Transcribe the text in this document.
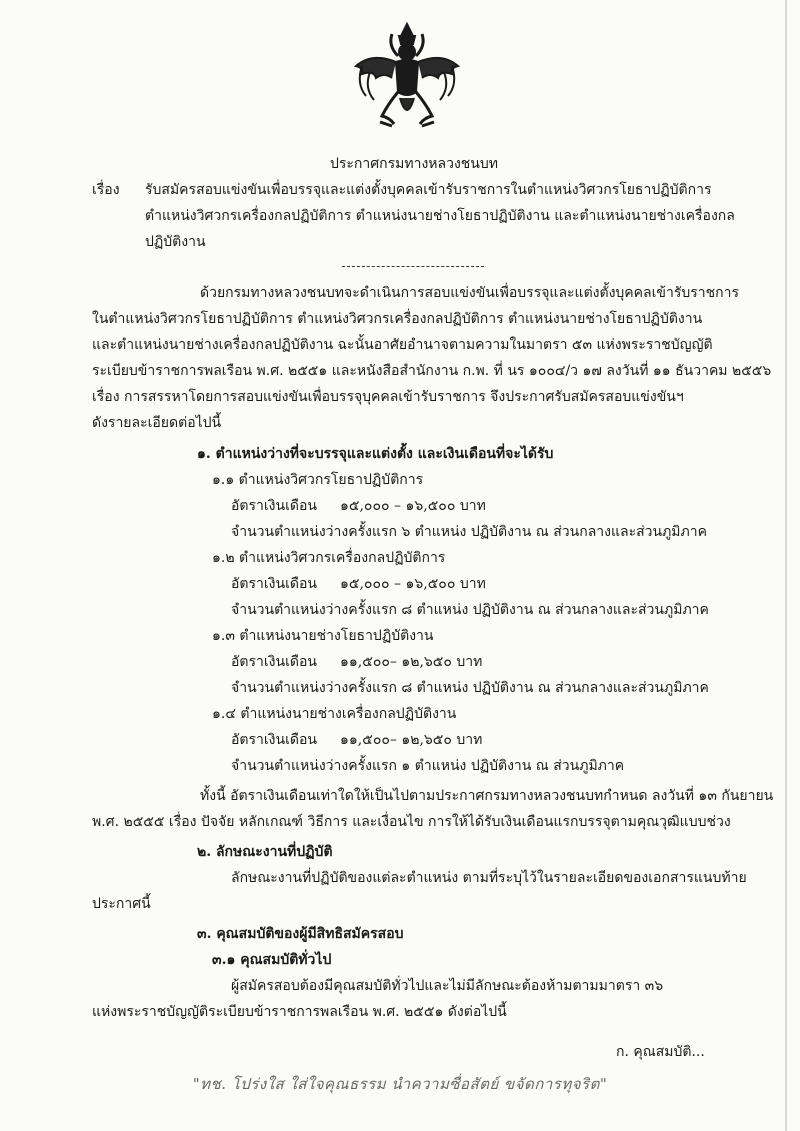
ประกาศกรมทางหลวงชนบท
เรื่อง รับสมัครสอบแข่งขันเพื่อบรรจุและแต่งตั้งบุคคลเข้ารับราชการในตำแหน่งวิศวกรโยธาปฏิบัติการ
ตำแหน่งวิศวกรเครื่องกลปฏิบัติการ ตำแหน่งนายช่างโยธาปฏิบัติงาน และตำแหน่งนายช่างเครื่องกล
ปฏิบัติงาน
ด้วยกรมทางหลวงชนบทจะดำเนินการสอบแข่งขันเพื่อบรรจุและแต่งตั้งบุคคลเข้ารับราชการ
ในตำแหน่งวิศวกรโยธาปฏิบัติการ ตำแหน่งวิศวกรเครื่องกลปฏิบัติการ ตำแหน่งนายช่างโยธาปฏิบัติงาน
และตำแหน่งนายช่างเครื่องกลปฏิบัติงาน ฉะนั้นอาศัยอำนาจตามความในมาตรา ๕๓ แห่งพระราชบัญญัติ
ระเบียบข้าราชการพลเรือน พ.ศ. ๒๕๕๑ และหนังสือสำนักงาน ก.พ. ที่ นร ๑๐๐๔/ว ๑๗ ลงวันที่ ๑๑ ธันวาคม ๒๕๕๖
เรื่อง การสรรหาโดยการสอบแข่งขันเพื่อบรรจุบุคคลเข้ารับราชการ จึงประกาศรับสมัครสอบแข่งขันฯ
ดังรายละเอียดต่อไปนี้
๑. ตำแหน่งว่างที่จะบรรจุและแต่งตั้ง และเงินเดือนที่จะได้รับ
๑.๑ ตำแหน่งวิศวกรโยธาปฏิบัติการ
อัตราเงินเดือน ๑๕,๐๐๐ – ๑๖,๕๐๐ บาท
จำนวนตำแหน่งว่างครั้งแรก ๖ ตำแหน่ง ปฏิบัติงาน ณ ส่วนกลางและส่วนภูมิภาค
๑.๒ ตำแหน่งวิศวกรเครื่องกลปฏิบัติการ
อัตราเงินเดือน ๑๕,๐๐๐ – ๑๖,๕๐๐ บาท
จำนวนตำแหน่งว่างครั้งแรก ๘ ตำแหน่ง ปฏิบัติงาน ณ ส่วนกลางและส่วนภูมิภาค
๑.๓ ตำแหน่งนายช่างโยธาปฏิบัติงาน
อัตราเงินเดือน ๑๑,๕๐๐– ๑๒,๖๕๐ บาท
จำนวนตำแหน่งว่างครั้งแรก ๘ ตำแหน่ง ปฏิบัติงาน ณ ส่วนกลางและส่วนภูมิภาค
๑.๔ ตำแหน่งนายช่างเครื่องกลปฏิบัติงาน
อัตราเงินเดือน ๑๑,๕๐๐– ๑๒,๖๕๐ บาท
จำนวนตำแหน่งว่างครั้งแรก ๑ ตำแหน่ง ปฏิบัติงาน ณ ส่วนภูมิภาค
ทั้งนี้ อัตราเงินเดือนเท่าใดให้เป็นไปตามประกาศกรมทางหลวงชนบทกำหนด ลงวันที่ ๑๓ กันยายน
พ.ศ. ๒๕๕๕ เรื่อง ปัจจัย หลักเกณฑ์ วิธีการ และเงื่อนไข การให้ได้รับเงินเดือนแรกบรรจุตามคุณวุฒิแบบช่วง
๒. ลักษณะงานที่ปฏิบัติ
ลักษณะงานที่ปฏิบัติของแต่ละตำแหน่ง ตามที่ระบุไว้ในรายละเอียดของเอกสารแนบท้าย
ประกาศนี้
๓. คุณสมบัติของผู้มีสิทธิสมัครสอบ
๓.๑ คุณสมบัติทั่วไป
ผู้สมัครสอบต้องมีคุณสมบัติทั่วไปและไม่มีลักษณะต้องห้ามตามมาตรา ๓๖
แห่งพระราชบัญญัติระเบียบข้าราชการพลเรือน พ.ศ. ๒๕๕๑ ดังต่อไปนี้
ก. คุณสมบัติ...
"ทช. โปร่งใส ใส่ใจคุณธรรม นำความซื่อสัตย์ ขจัดการทุจริต"
